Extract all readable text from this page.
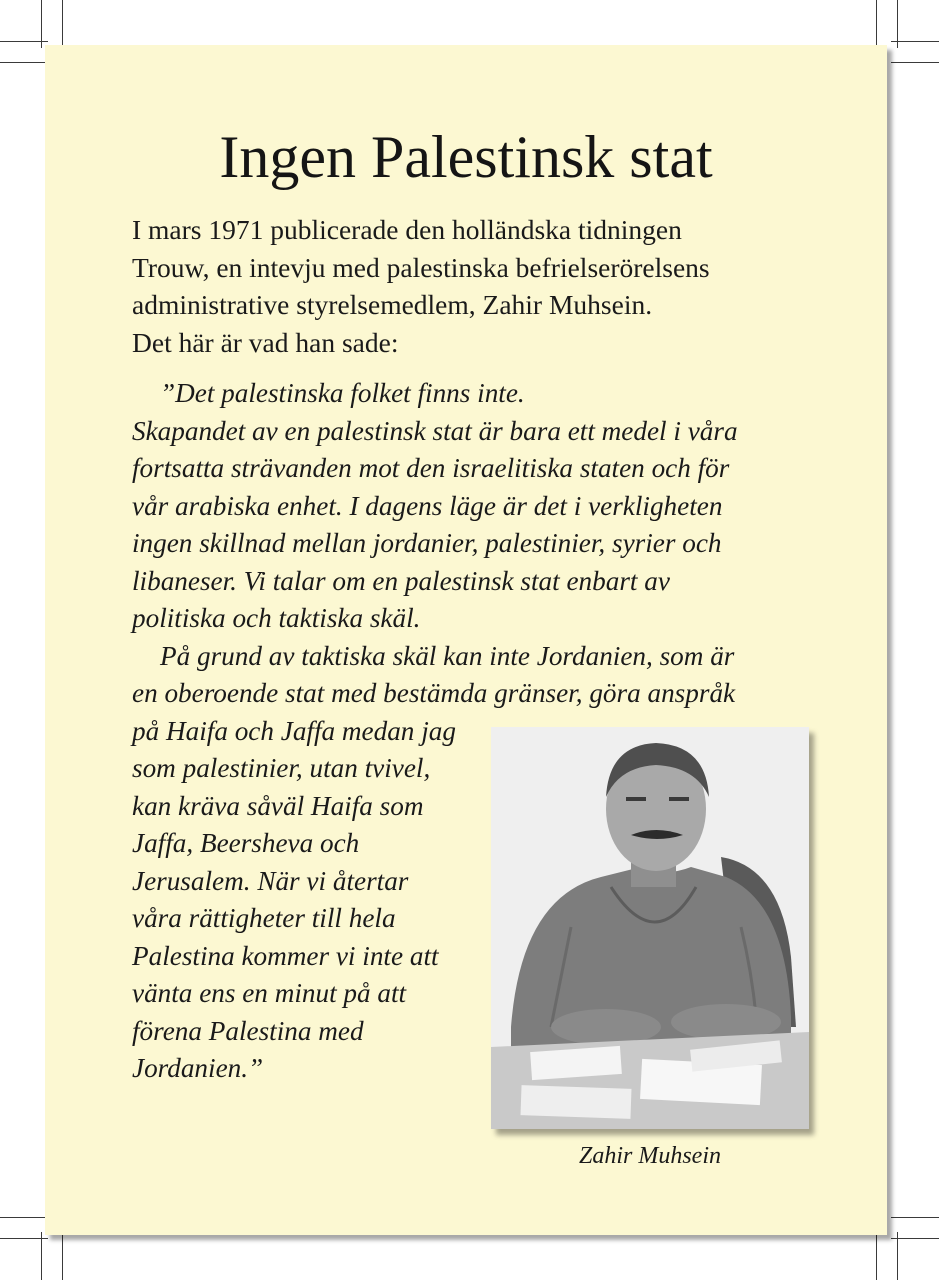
Ingen Palestinsk stat

I mars 1971 publicerade den holländska tidningen
Trouw, en intevju med palestinska befrielserörelsens
administrative styrelsemedlem, Zahir Muhsein.
Det här är vad han sade:

”Det palestinska folket finns inte.
Skapandet av en palestinsk stat är bara ett medel i våra
fortsatta strävanden mot den israelitiska staten och för
vår arabiska enhet. I dagens läge är det i verkligheten
ingen skillnad mellan jordanier, palestinier, syrier och
libaneser. Vi talar om en palestinsk stat enbart av
politiska och taktiska skäl.
På grund av taktiska skäl kan inte Jordanien, som är
en oberoende stat med bestämda gränser, göra anspråk
på Haifa och Jaffa medan jag
som palestinier, utan tvivel,
kan kräva såväl Haifa som
Jaffa, Beersheva och
Jerusalem. När vi återtar
våra rättigheter till hela
Palestina kommer vi inte att
vänta ens en minut på att
förena Palestina med
Jordanien.”

Zahir Muhsein
